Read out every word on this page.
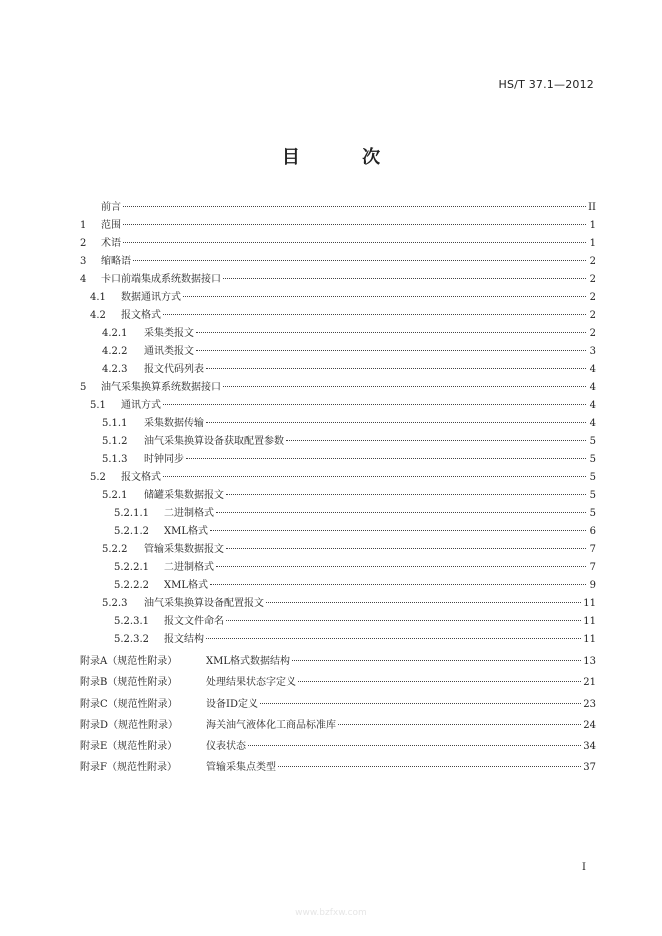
HS/T 37.1—2012
目 次
前言	II
1	范围	1
2	术语	1
3	缩略语	2
4	卡口前端集成系统数据接口	2
4.1	数据通讯方式	2
4.2	报文格式	2
4.2.1	采集类报文	2
4.2.2	通讯类报文	3
4.2.3	报文代码列表	4
5	油气采集换算系统数据接口	4
5.1	通讯方式	4
5.1.1	采集数据传输	4
5.1.2	油气采集换算设备获取配置参数	5
5.1.3	时钟同步	5
5.2	报文格式	5
5.2.1	储罐采集数据报文	5
5.2.1.1	二进制格式	5
5.2.1.2	XML格式	6
5.2.2	管输采集数据报文	7
5.2.2.1	二进制格式	7
5.2.2.2	XML格式	9
5.2.3	油气采集换算设备配置报文	11
5.2.3.1	报文文件命名	11
5.2.3.2	报文结构	11
附录A（规范性附录）	XML格式数据结构	13
附录B（规范性附录）	处理结果状态字定义	21
附录C（规范性附录）	设备ID定义	23
附录D（规范性附录）	海关油气液体化工商品标准库	24
附录E（规范性附录）	仪表状态	34
附录F（规范性附录）	管输采集点类型	37
I
www.bzfxw.com
